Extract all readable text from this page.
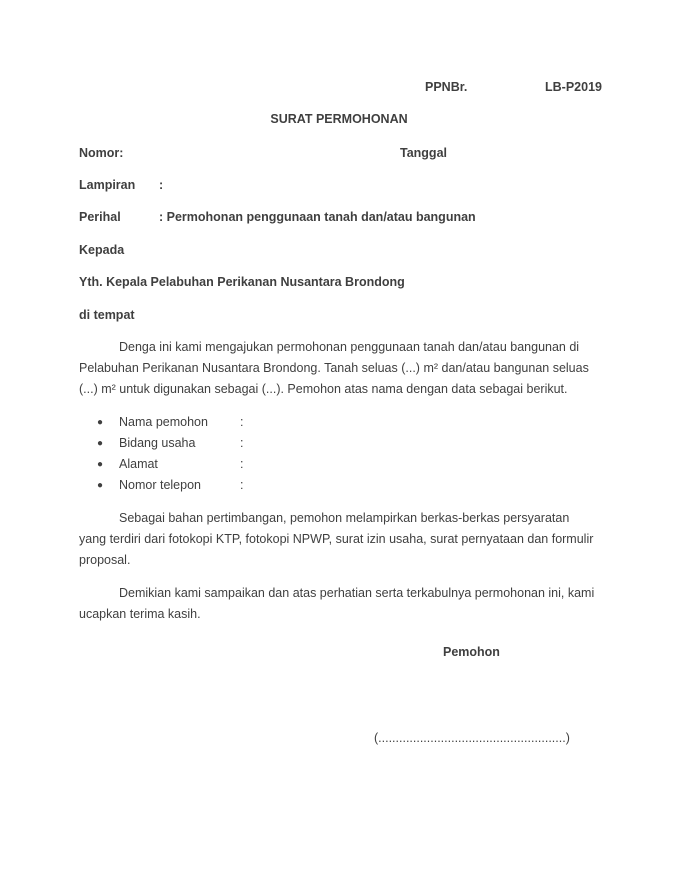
PPNBr.	LB-P2019
SURAT PERMOHONAN
Nomor:	Tanggal
Lampiran :
Perihal	: Permohonan penggunaan tanah dan/atau bangunan
Kepada
Yth. Kepala Pelabuhan Perikanan Nusantara Brondong
di tempat
Denga ini kami mengajukan permohonan penggunaan tanah dan/atau bangunan di Pelabuhan Perikanan Nusantara Brondong. Tanah seluas (...) m² dan/atau bangunan seluas (...) m² untuk digunakan sebagai (...). Pemohon atas nama dengan data sebagai berikut.
● Nama pemohon	:
● Bidang usaha	:
● Alamat	:
● Nomor telepon	:
Sebagai bahan pertimbangan, pemohon melampirkan berkas-berkas persyaratan yang terdiri dari fotokopi KTP, fotokopi NPWP, surat izin usaha, surat pernyataan dan formulir proposal.
Demikian kami sampaikan dan atas perhatian serta terkabulnya permohonan ini, kami ucapkan terima kasih.
Pemohon
(......................................................)
